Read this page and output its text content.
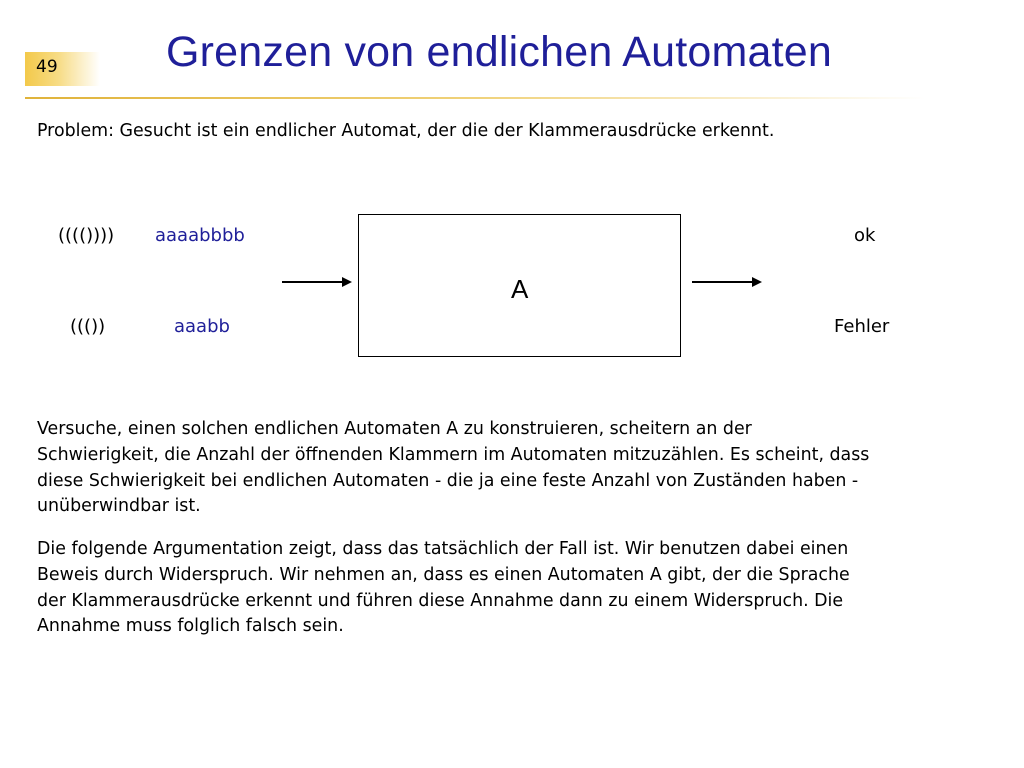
49	Grenzen von endlichen Automaten
Problem: Gesucht ist ein endlicher Automat, der die der Klammerausdrücke erkennt.
(((()))) aaaabbbb
((())	aaabb
A
ok
Fehler
Versuche, einen solchen endlichen Automaten A zu konstruieren, scheitern an der
Schwierigkeit, die Anzahl der öffnenden Klammern im Automaten mitzuzählen. Es scheint, dass
diese Schwierigkeit bei endlichen Automaten - die ja eine feste Anzahl von Zuständen haben -
unüberwindbar ist.
Die folgende Argumentation zeigt, dass das tatsächlich der Fall ist. Wir benutzen dabei einen
Beweis durch Widerspruch. Wir nehmen an, dass es einen Automaten A gibt, der die Sprache
der Klammerausdrücke erkennt und führen diese Annahme dann zu einem Widerspruch. Die
Annahme muss folglich falsch sein.
